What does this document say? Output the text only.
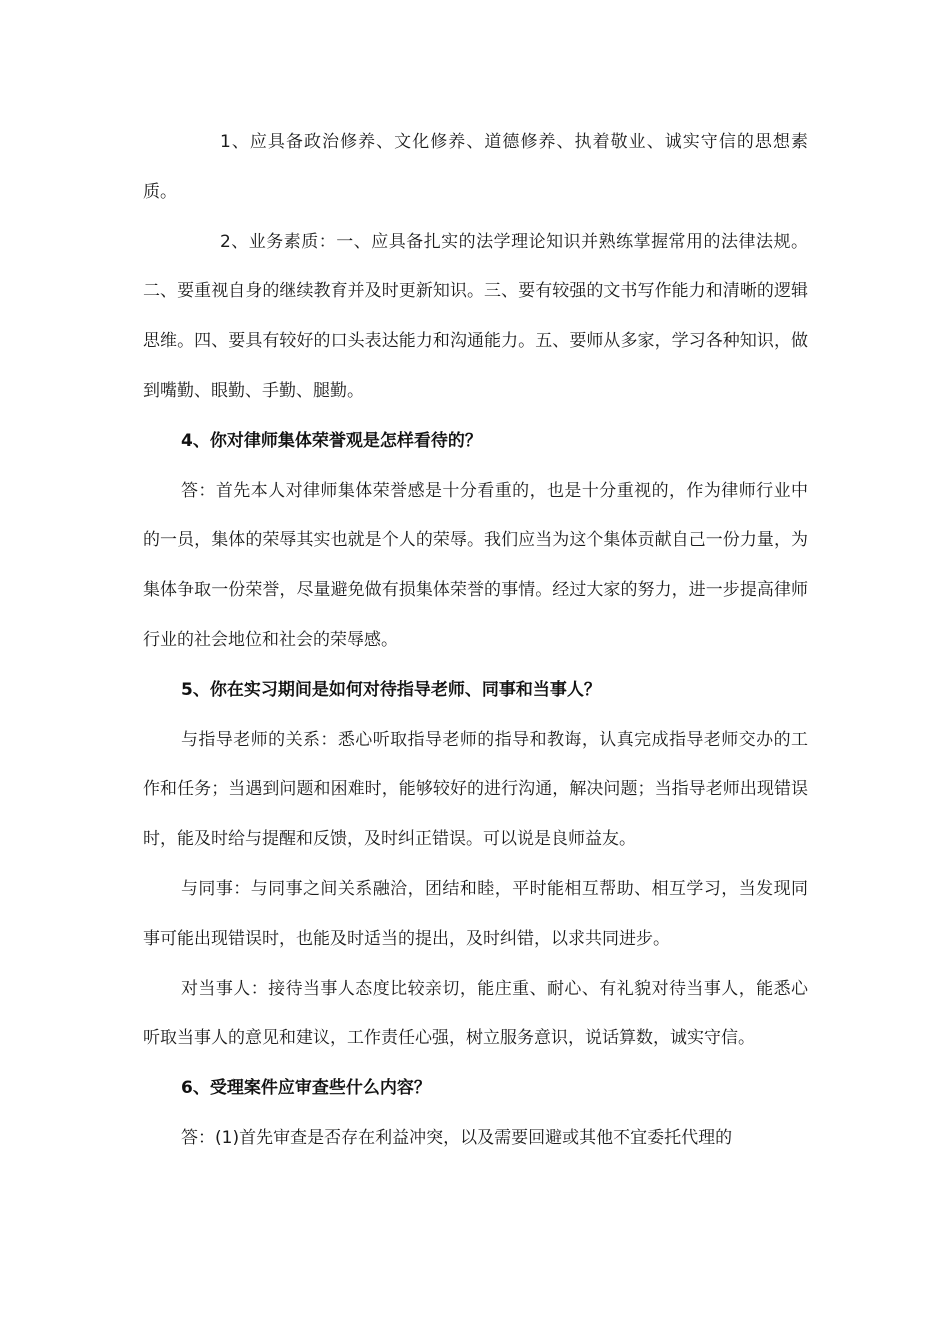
1、应具备政治修养、文化修养、道德修养、执着敬业、诚实守信的思想素质。

2、业务素质：一、应具备扎实的法学理论知识并熟练掌握常用的法律法规。二、要重视自身的继续教育并及时更新知识。三、要有较强的文书写作能力和清晰的逻辑思维。四、要具有较好的口头表达能力和沟通能力。五、要师从多家，学习各种知识，做到嘴勤、眼勤、手勤、腿勤。

4、你对律师集体荣誉观是怎样看待的？

答：首先本人对律师集体荣誉感是十分看重的，也是十分重视的，作为律师行业中的一员，集体的荣辱其实也就是个人的荣辱。我们应当为这个集体贡献自己一份力量，为集体争取一份荣誉，尽量避免做有损集体荣誉的事情。经过大家的努力，进一步提高律师行业的社会地位和社会的荣辱感。

5、你在实习期间是如何对待指导老师、同事和当事人？

与指导老师的关系：悉心听取指导老师的指导和教诲，认真完成指导老师交办的工作和任务；当遇到问题和困难时，能够较好的进行沟通，解决问题；当指导老师出现错误时，能及时给与提醒和反馈，及时纠正错误。可以说是良师益友。

与同事：与同事之间关系融洽，团结和睦，平时能相互帮助、相互学习，当发现同事可能出现错误时，也能及时适当的提出，及时纠错，以求共同进步。

对当事人：接待当事人态度比较亲切，能庄重、耐心、有礼貌对待当事人，能悉心听取当事人的意见和建议，工作责任心强，树立服务意识，说话算数，诚实守信。

6、受理案件应审查些什么内容？

答：(1)首先审查是否存在利益冲突，以及需要回避或其他不宜委托代理的
